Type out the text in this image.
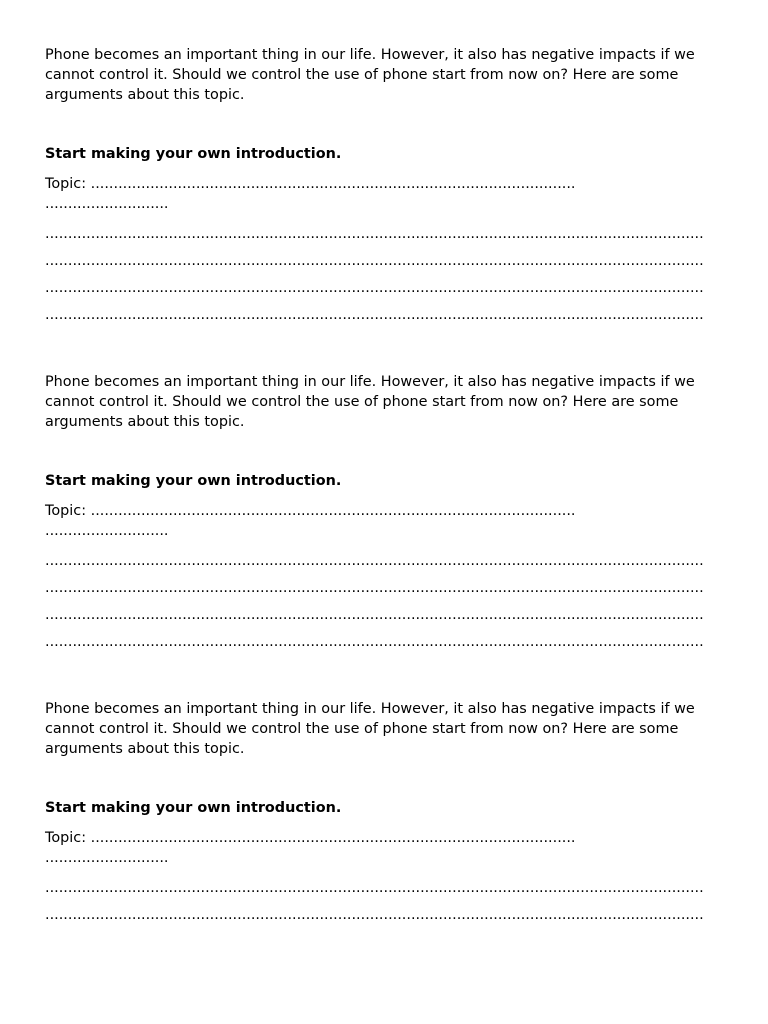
Phone becomes an important thing in our life. However, it also has negative impacts if we cannot control it. Should we control the use of phone start from now on? Here are some arguments about this topic.

Start making your own introduction.

Topic: ..........................................................................................................
...........................
................................................................................................................................................
................................................................................................................................................
................................................................................................................................................
................................................................................................................................................

Phone becomes an important thing in our life. However, it also has negative impacts if we cannot control it. Should we control the use of phone start from now on? Here are some arguments about this topic.

Start making your own introduction.

Topic: ..........................................................................................................
...........................
................................................................................................................................................
................................................................................................................................................
................................................................................................................................................
................................................................................................................................................

Phone becomes an important thing in our life. However, it also has negative impacts if we cannot control it. Should we control the use of phone start from now on? Here are some arguments about this topic.

Start making your own introduction.

Topic: ..........................................................................................................
...........................
................................................................................................................................................
................................................................................................................................................
